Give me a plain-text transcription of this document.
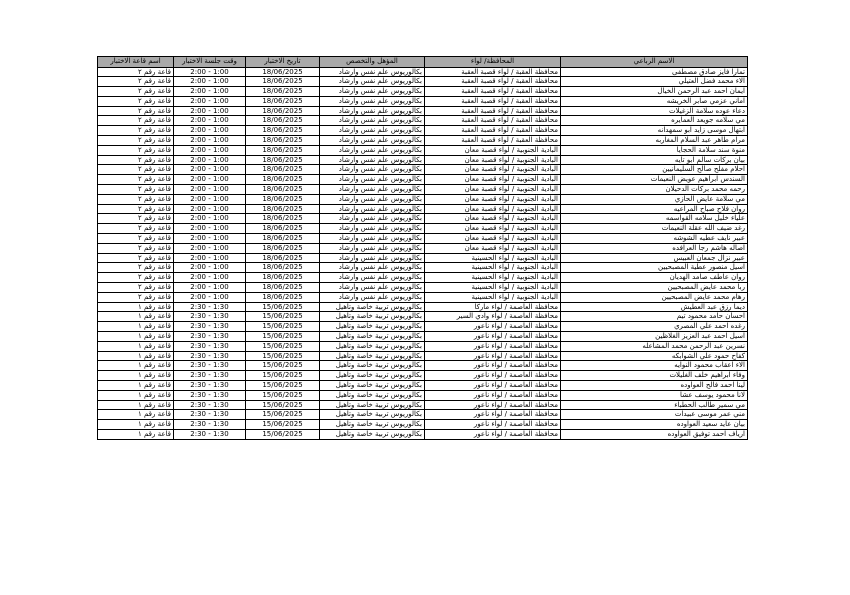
الاسم الرباعي	المحافظة/ لواء	المؤهل والتخصص	تاريخ الاختبار	وقت جلسة الاختبار	اسم قاعة الاختبار
تمارا فايز صادق مصطفى	محافظة العقبة / لواء قصبة العقبة	بكالوريوس علم نفس وارشاد	18/06/2025	2:00 - 1:00	قاعة رقم ٢
الاء محمد فضل العتيلي	محافظة العقبة / لواء قصبة العقبة	بكالوريوس علم نفس وارشاد	18/06/2025	2:00 - 1:00	قاعة رقم ٢
ايمان احمد عبد الرحمن الخيال	محافظة العقبة / لواء قصبة العقبة	بكالوريوس علم نفس وارشاد	18/06/2025	2:00 - 1:00	قاعة رقم ٢
اماني عزمي صابر الخريشه	محافظة العقبة / لواء قصبة العقبة	بكالوريوس علم نفس وارشاد	18/06/2025	2:00 - 1:00	قاعة رقم ٢
دعاء عوده سلامة الزغيلات	محافظة العقبة / لواء قصبة العقبة	بكالوريوس علم نفس وارشاد	18/06/2025	2:00 - 1:00	قاعة رقم ٢
مي سلامه جويعد العمايره	محافظة العقبة / لواء قصبة العقبة	بكالوريوس علم نفس وارشاد	18/06/2025	2:00 - 1:00	قاعة رقم ٢
ابتهال موسى زايد ابو سمهدانه	محافظة العقبة / لواء قصبة العقبة	بكالوريوس علم نفس وارشاد	18/06/2025	2:00 - 1:00	قاعة رقم ٢
مرام طاهر عبد السلام المغاربه	محافظة العقبة / لواء قصبة العقبة	بكالوريوس علم نفس وارشاد	18/06/2025	2:00 - 1:00	قاعة رقم ٢
منوة سند سلامة الحجايا	البادية الجنوبية / لواء قصبة معان	بكالوريوس علم نفس وارشاد	18/06/2025	2:00 - 1:00	قاعة رقم ٢
بيان بركات سالم ابو تايه	البادية الجنوبية / لواء قصبة معان	بكالوريوس علم نفس وارشاد	18/06/2025	2:00 - 1:00	قاعة رقم ٢
احلام مفلح صالح السليمانيين	البادية الجنوبية / لواء قصبة معان	بكالوريوس علم نفس وارشاد	18/06/2025	2:00 - 1:00	قاعة رقم ٢
السندس ابراهيم عويض النعيمات	البادية الجنوبية / لواء قصبة معان	بكالوريوس علم نفس وارشاد	18/06/2025	2:00 - 1:00	قاعة رقم ٢
رحمه محمد بركات الدحيلان	البادية الجنوبية / لواء قصبة معان	بكالوريوس علم نفس وارشاد	18/06/2025	2:00 - 1:00	قاعة رقم ٢
مي سلامة عايض الحازي	البادية الجنوبية / لواء قصبة معان	بكالوريوس علم نفس وارشاد	18/06/2025	2:00 - 1:00	قاعة رقم ٢
روان فلاح صباح المراعيه	البادية الجنوبية / لواء قصبة معان	بكالوريوس علم نفس وارشاد	18/06/2025	2:00 - 1:00	قاعة رقم ٢
علياء خليل سلامه القواسمه	البادية الجنوبية / لواء قصبة معان	بكالوريوس علم نفس وارشاد	18/06/2025	2:00 - 1:00	قاعة رقم ٢
رغد ضيف الله عقلة النعيمات	البادية الجنوبية / لواء قصبة معان	بكالوريوس علم نفس وارشاد	18/06/2025	2:00 - 1:00	قاعة رقم ٢
عبير نايف عطيه الشوشه	البادية الجنوبية / لواء قصبة معان	بكالوريوس علم نفس وارشاد	18/06/2025	2:00 - 1:00	قاعة رقم ٢
اصاله هاشم رجا العرافده	البادية الجنوبية / لواء قصبة معان	بكالوريوس علم نفس وارشاد	18/06/2025	2:00 - 1:00	قاعة رقم ٢
عبير نزال جمعان العبيس	البادية الجنوبية / لواء الحسينية	بكالوريوس علم نفس وارشاد	18/06/2025	2:00 - 1:00	قاعة رقم ٢
اسيل منصور عطية المصبحيين	البادية الجنوبية / لواء الحسينية	بكالوريوس علم نفس وارشاد	18/06/2025	2:00 - 1:00	قاعة رقم ٢
روان عاطف صامد الهديان	البادية الجنوبية / لواء الحسينية	بكالوريوس علم نفس وارشاد	18/06/2025	2:00 - 1:00	قاعة رقم ٢
ربا محمد عايض المصبحيين	البادية الجنوبية / لواء الحسينية	بكالوريوس علم نفس وارشاد	18/06/2025	2:00 - 1:00	قاعة رقم ٢
رهام محمد عايض المصبحيين	البادية الجنوبية / لواء الحسينية	بكالوريوس علم نفس وارشاد	18/06/2025	2:00 - 1:00	قاعة رقم ٢
ديما رزق عبد العطيش	محافظة العاصمة / لواء ماركا	بكالوريوس تربية خاصة وتأهيل	15/06/2025	2:30 - 1:30	قاعة رقم ١
احسان حامد محمود تيم	محافظة العاصمة / لواء وادي السير	بكالوريوس تربية خاصة وتأهيل	15/06/2025	2:30 - 1:30	قاعة رقم ١
رغده احمد علي المصري	محافظة العاصمة / لواء ناعور	بكالوريوس تربية خاصة وتأهيل	15/06/2025	2:30 - 1:30	قاعة رقم ١
اسيل احمد عبد العزيز الغلاظين	محافظة العاصمة / لواء ناعور	بكالوريوس تربية خاصة وتأهيل	15/06/2025	2:30 - 1:30	قاعة رقم ١
نسرين عبد الرحمن محمد المشاعله	محافظة العاصمة / لواء ناعور	بكالوريوس تربية خاصة وتأهيل	15/06/2025	2:30 - 1:30	قاعة رقم ١
كفاح حمود علي الشوابكه	محافظة العاصمة / لواء ناعور	بكالوريوس تربية خاصة وتأهيل	15/06/2025	2:30 - 1:30	قاعة رقم ١
الاء اعقاب محمود النوايه	محافظة العاصمة / لواء ناعور	بكالوريوس تربية خاصة وتأهيل	15/06/2025	2:30 - 1:30	قاعة رقم ١
وفاء ابراهيم خلف الغليلات	محافظة العاصمة / لواء ناعور	بكالوريوس تربية خاصة وتأهيل	15/06/2025	2:30 - 1:30	قاعة رقم ١
لينا احمد فالح العواوده	محافظة العاصمة / لواء ناعور	بكالوريوس تربية خاصة وتأهيل	15/06/2025	2:30 - 1:30	قاعة رقم ١
لانا محمود يوسف عشا	محافظة العاصمة / لواء ناعور	بكالوريوس تربية خاصة وتأهيل	15/06/2025	2:30 - 1:30	قاعة رقم ١
مي سمير طالب الحطباء	محافظة العاصمة / لواء ناعور	بكالوريوس تربية خاصة وتأهيل	15/06/2025	2:30 - 1:30	قاعة رقم ١
مني عمر موسى عبيدات	محافظة العاصمة / لواء ناعور	بكالوريوس تربية خاصة وتأهيل	15/06/2025	2:30 - 1:30	قاعة رقم ١
بيان عايد سعيد العواوده	محافظة العاصمة / لواء ناعور	بكالوريوس تربية خاصة وتأهيل	15/06/2025	2:30 - 1:30	قاعة رقم ١
ارياف احمد توفيق العواوده	محافظة العاصمة / لواء ناعور	بكالوريوس تربية خاصة وتأهيل	15/06/2025	2:30 - 1:30	قاعة رقم ١
